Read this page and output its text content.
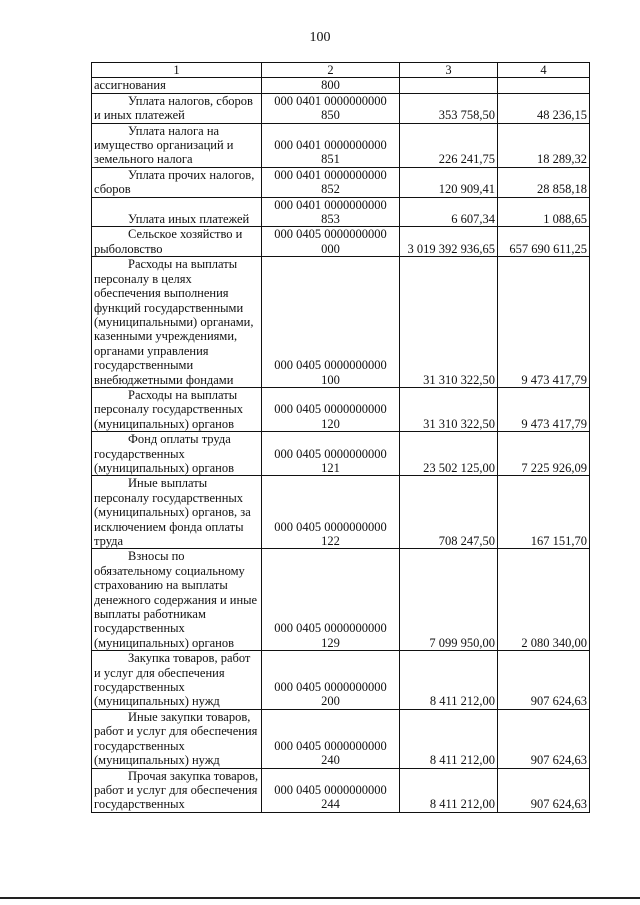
100
1	2	3	4
ассигнования	800		
Уплата налогов, сборов и иных платежей	000 0401 0000000000 850	353 758,50	48 236,15
Уплата налога на имущество организаций и земельного налога	000 0401 0000000000 851	226 241,75	18 289,32
Уплата прочих налогов, сборов	000 0401 0000000000 852	120 909,41	28 858,18
Уплата иных платежей	000 0401 0000000000 853	6 607,34	1 088,65
Сельское хозяйство и рыболовство	000 0405 0000000000 000	3 019 392 936,65	657 690 611,25
Расходы на выплаты персоналу в целях обеспечения выполнения функций государственными (муниципальными) органами, казенными учреждениями, органами управления государственными внебюджетными фондами	000 0405 0000000000 100	31 310 322,50	9 473 417,79
Расходы на выплаты персоналу государственных (муниципальных) органов	000 0405 0000000000 120	31 310 322,50	9 473 417,79
Фонд оплаты труда государственных (муниципальных) органов	000 0405 0000000000 121	23 502 125,00	7 225 926,09
Иные выплаты персоналу государственных (муниципальных) органов, за исключением фонда оплаты труда	000 0405 0000000000 122	708 247,50	167 151,70
Взносы по обязательному социальному страхованию на выплаты денежного содержания и иные выплаты работникам государственных (муниципальных) органов	000 0405 0000000000 129	7 099 950,00	2 080 340,00
Закупка товаров, работ и услуг для обеспечения государственных (муниципальных) нужд	000 0405 0000000000 200	8 411 212,00	907 624,63
Иные закупки товаров, работ и услуг для обеспечения государственных (муниципальных) нужд	000 0405 0000000000 240	8 411 212,00	907 624,63
Прочая закупка товаров, работ и услуг для обеспечения государственных	000 0405 0000000000 244	8 411 212,00	907 624,63
